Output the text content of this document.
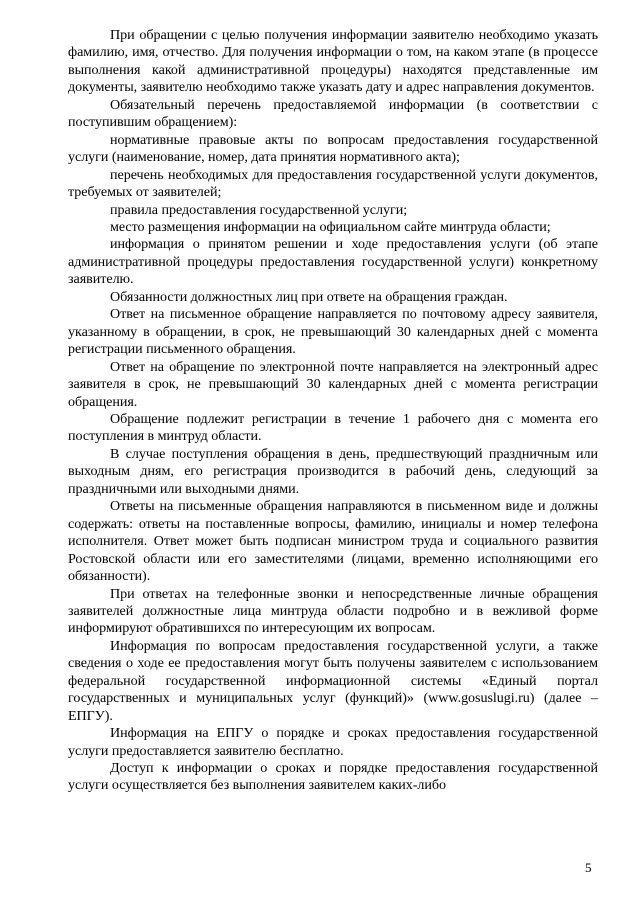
При обращении с целью получения информации заявителю необходимо указать фамилию, имя, отчество. Для получения информации о том, на каком этапе (в процессе выполнения какой административной процедуры) находятся представленные им документы, заявителю необходимо также указать дату и адрес направления документов.

Обязательный перечень предоставляемой информации (в соответствии с поступившим обращением):

нормативные правовые акты по вопросам предоставления государственной услуги (наименование, номер, дата принятия нормативного акта);

перечень необходимых для предоставления государственной услуги документов, требуемых от заявителей;

правила предоставления государственной услуги;

место размещения информации на официальном сайте минтруда области;

информация о принятом решении и ходе предоставления услуги (об этапе административной процедуры предоставления государственной услуги) конкретному заявителю.

Обязанности должностных лиц при ответе на обращения граждан.

Ответ на письменное обращение направляется по почтовому адресу заявителя, указанному в обращении, в срок, не превышающий 30 календарных дней с момента регистрации письменного обращения.

Ответ на обращение по электронной почте направляется на электронный адрес заявителя в срок, не превышающий 30 календарных дней с момента регистрации обращения.

Обращение подлежит регистрации в течение 1 рабочего дня с момента его поступления в минтруд области.

В случае поступления обращения в день, предшествующий праздничным или выходным дням, его регистрация производится в рабочий день, следующий за праздничными или выходными днями.

Ответы на письменные обращения направляются в письменном виде и должны содержать: ответы на поставленные вопросы, фамилию, инициалы и номер телефона исполнителя. Ответ может быть подписан министром труда и социального развития Ростовской области или его заместителями (лицами, временно исполняющими его обязанности).

При ответах на телефонные звонки и непосредственные личные обращения заявителей должностные лица минтруда области подробно и в вежливой форме информируют обратившихся по интересующим их вопросам.

Информация по вопросам предоставления государственной услуги, а также сведения о ходе ее предоставления могут быть получены заявителем с использованием федеральной государственной информационной системы «Единый портал государственных и муниципальных услуг (функций)» (www.gosuslugi.ru) (далее – ЕПГУ).

Информация на ЕПГУ о порядке и сроках предоставления государственной услуги предоставляется заявителю бесплатно.

Доступ к информации о сроках и порядке предоставления государственной услуги осуществляется без выполнения заявителем каких-либо

5
